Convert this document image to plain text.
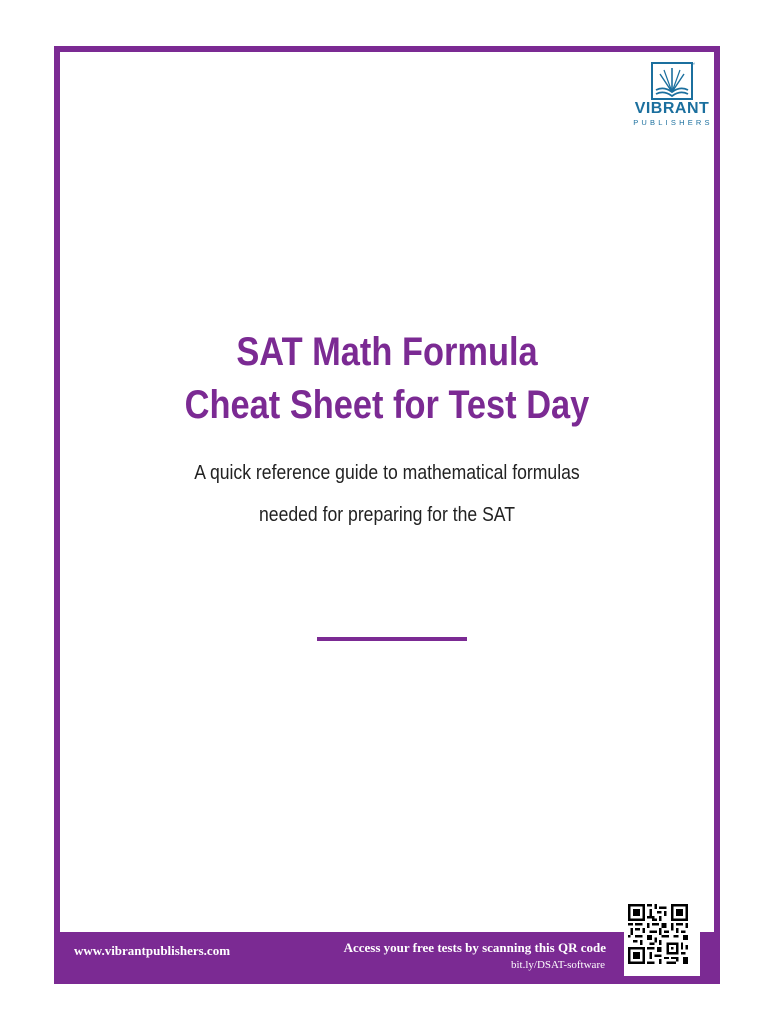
™
VIBRANT
PUBLISHERS
SAT Math Formula
Cheat Sheet for Test Day
A quick reference guide to mathematical formulas
needed for preparing for the SAT
www.vibrantpublishers.com	Access your free tests by scanning this QR code
bit.ly/DSAT-software
